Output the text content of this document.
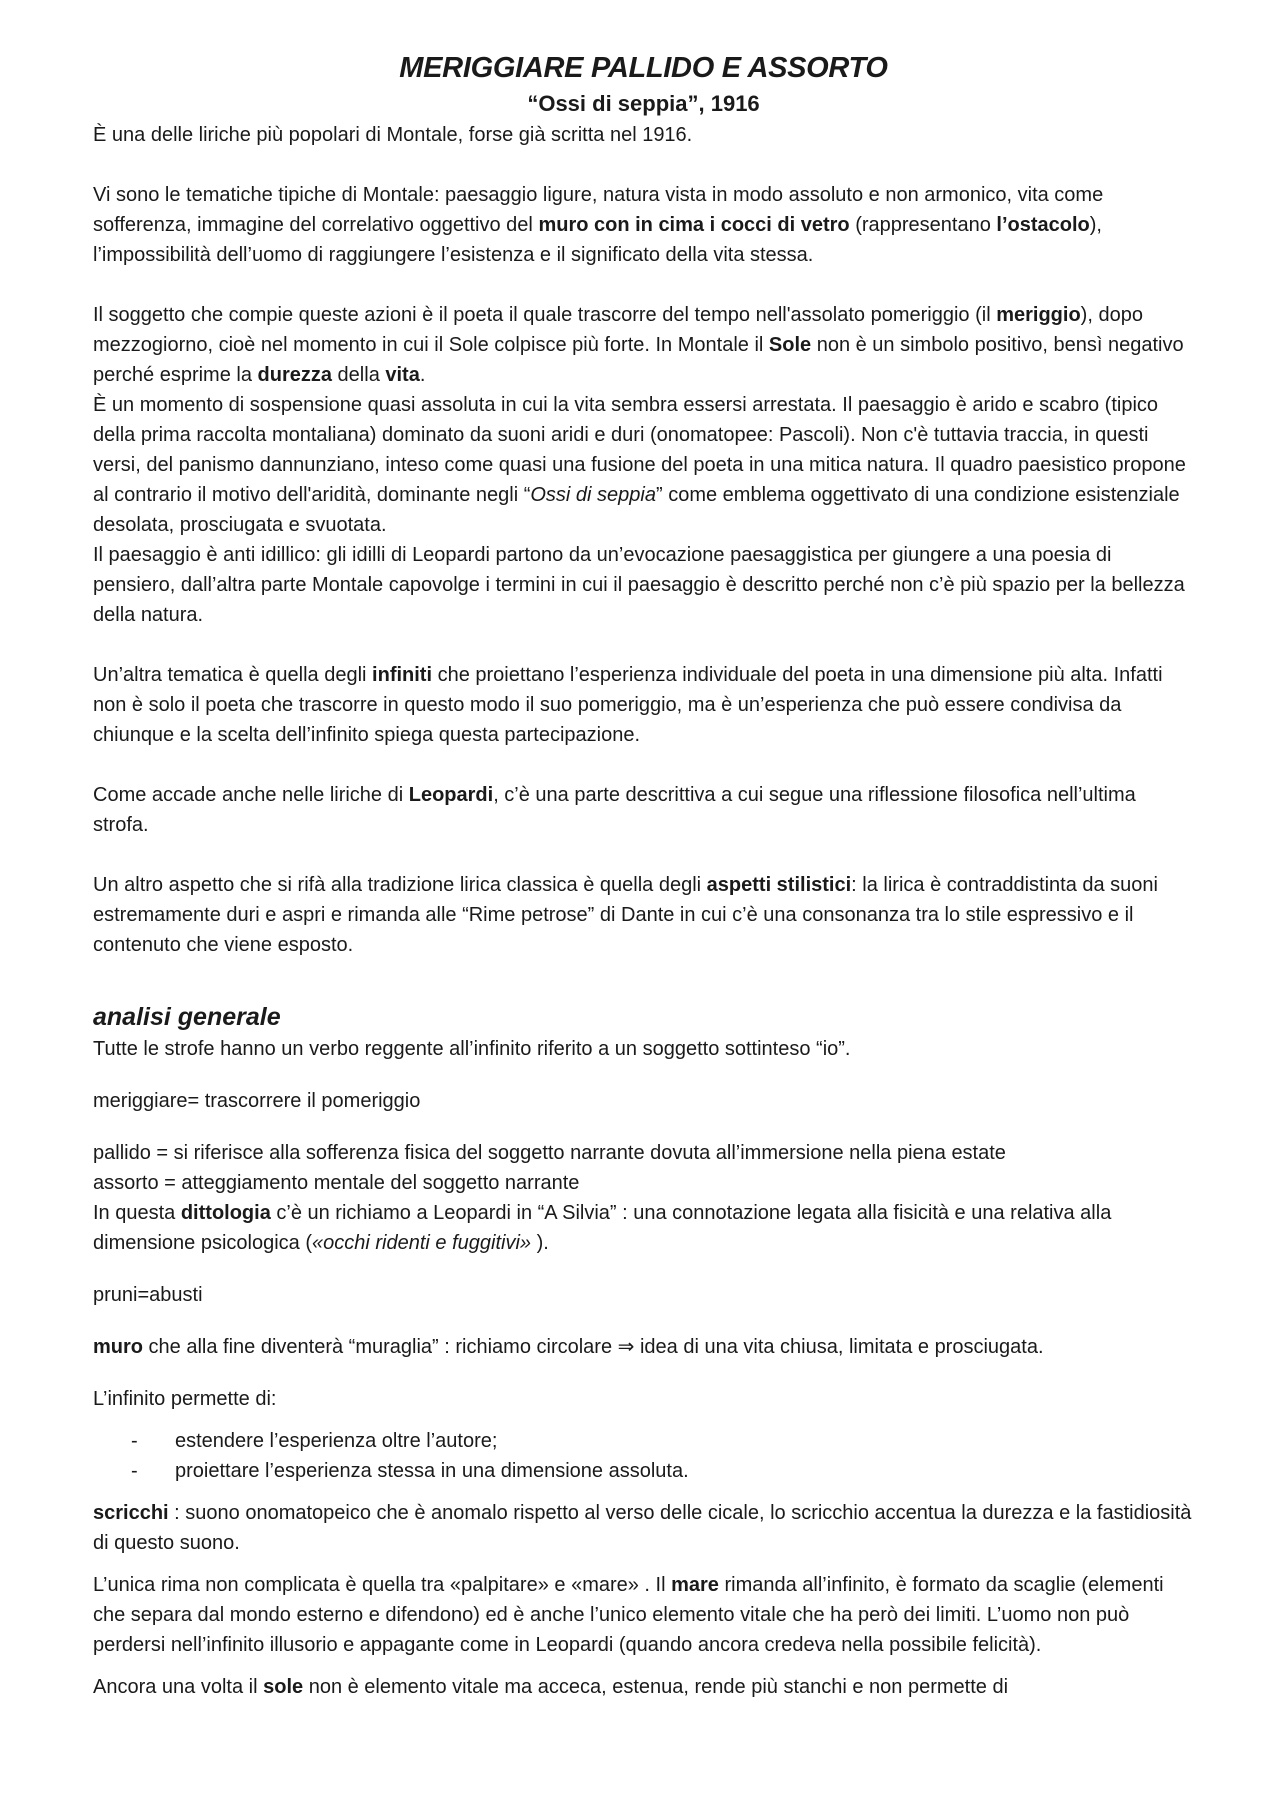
MERIGGIARE PALLIDO E ASSORTO
“Ossi di seppia”, 1916

È una delle liriche più popolari di Montale, forse già scritta nel 1916.

Vi sono le tematiche tipiche di Montale: paesaggio ligure, natura vista in modo assoluto e non armonico, vita come sofferenza, immagine del correlativo oggettivo del muro con in cima i cocci di vetro (rappresentano l’ostacolo), l’impossibilità dell’uomo di raggiungere l’esistenza e il significato della vita stessa.

Il soggetto che compie queste azioni è il poeta il quale trascorre del tempo nell'assolato pomeriggio (il meriggio), dopo mezzogiorno, cioè nel momento in cui il Sole colpisce più forte. In Montale il Sole non è un simbolo positivo, bensì negativo perché esprime la durezza della vita.

È un momento di sospensione quasi assoluta in cui la vita sembra essersi arrestata. Il paesaggio è arido e scabro (tipico della prima raccolta montaliana) dominato da suoni aridi e duri (onomatopee: Pascoli). Non c'è tuttavia traccia, in questi versi, del panismo dannunziano, inteso come quasi una fusione del poeta in una mitica natura. Il quadro paesistico propone al contrario il motivo dell'aridità, dominante negli “Ossi di seppia” come emblema oggettivato di una condizione esistenziale desolata, prosciugata e svuotata.

Il paesaggio è anti idillico: gli idilli di Leopardi partono da un’evocazione paesaggistica per giungere a una poesia di pensiero, dall’altra parte Montale capovolge i termini in cui il paesaggio è descritto perché non c’è più spazio per la bellezza della natura.

Un’altra tematica è quella degli infiniti che proiettano l’esperienza individuale del poeta in una dimensione più alta. Infatti non è solo il poeta che trascorre in questo modo il suo pomeriggio, ma è un’esperienza che può essere condivisa da chiunque e la scelta dell’infinito spiega questa partecipazione.

Come accade anche nelle liriche di Leopardi, c’è una parte descrittiva a cui segue una riflessione filosofica nell’ultima strofa.

Un altro aspetto che si rifà alla tradizione lirica classica è quella degli aspetti stilistici: la lirica è contraddistinta da suoni estremamente duri e aspri e rimanda alle “Rime petrose” di Dante in cui c’è una consonanza tra lo stile espressivo e il contenuto che viene esposto.

analisi generale

Tutte le strofe hanno un verbo reggente all’infinito riferito a un soggetto sottinteso “io”.

meriggiare= trascorrere il pomeriggio

pallido = si riferisce alla sofferenza fisica del soggetto narrante dovuta all’immersione nella piena estate

assorto = atteggiamento mentale del soggetto narrante

In questa dittologia c’è un richiamo a Leopardi in “A Silvia” : una connotazione legata alla fisicità e una relativa alla dimensione psicologica («occhi ridenti e fuggitivi» ).

pruni=abusti

muro che alla fine diventerà “muraglia” : richiamo circolare ⇒ idea di una vita chiusa, limitata e prosciugata.

L’infinito permette di:

-	estendere l’esperienza oltre l’autore;
-	proiettare l’esperienza stessa in una dimensione assoluta.

scricchi : suono onomatopeico che è anomalo rispetto al verso delle cicale, lo scricchio accentua la durezza e la fastidiosità di questo suono.

L’unica rima non complicata è quella tra «palpitare» e «mare» . Il mare rimanda all’infinito, è formato da scaglie (elementi che separa dal mondo esterno e difendono) ed è anche l’unico elemento vitale che ha però dei limiti. L’uomo non può perdersi nell’infinito illusorio e appagante come in Leopardi (quando ancora credeva nella possibile felicità).

Ancora una volta il sole non è elemento vitale ma acceca, estenua, rende più stanchi e non permette di
